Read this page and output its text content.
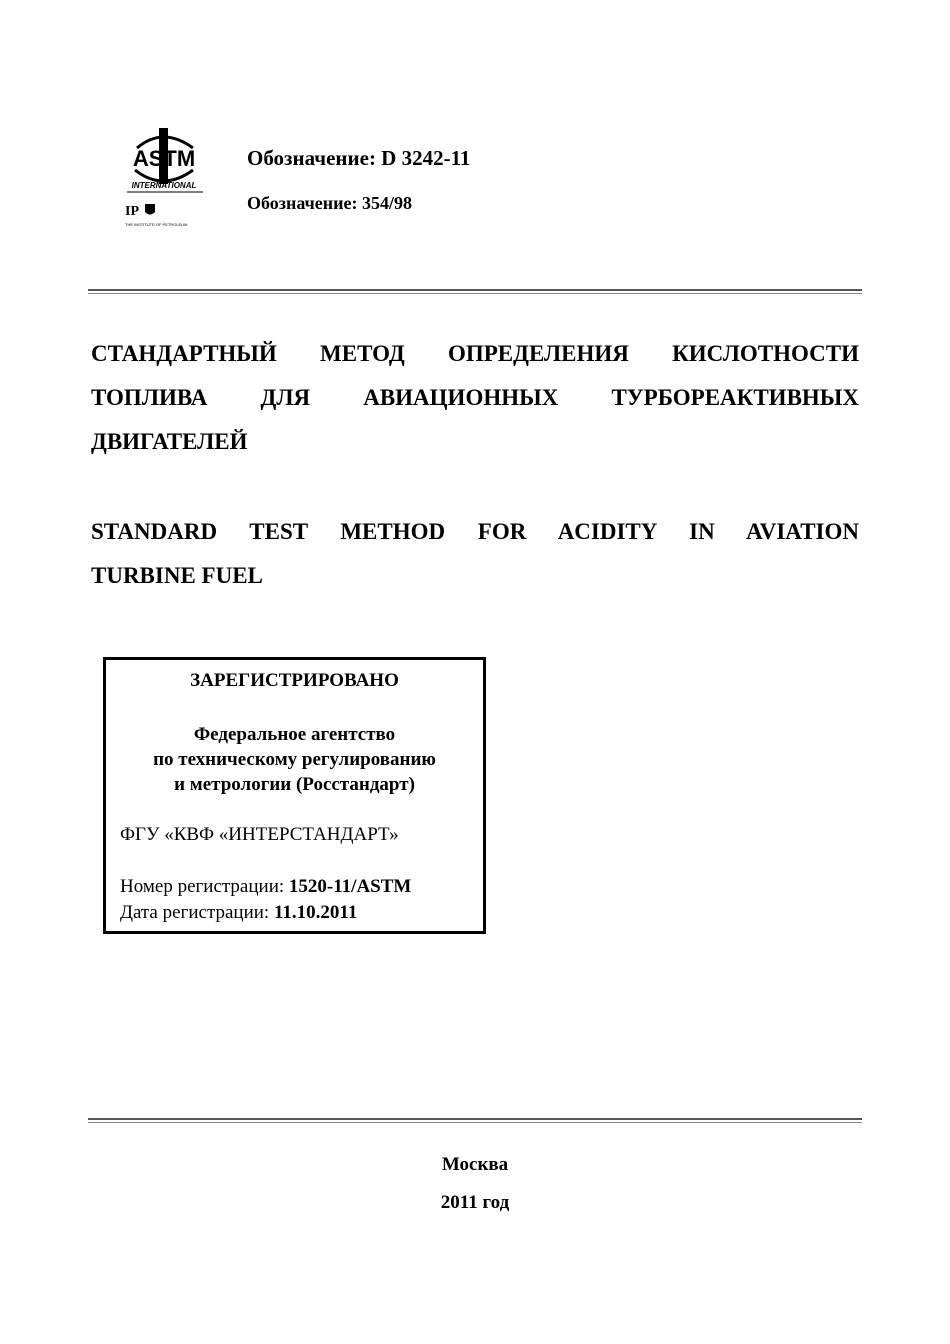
ASTM
INTERNATIONAL
IP
THE INSTITUTE OF PETROLEUM
Обозначение: D 3242-11
Обозначение: 354/98
СТАНДАРТНЫЙ МЕТОД ОПРЕДЕЛЕНИЯ КИСЛОТНОСТИ
ТОПЛИВА ДЛЯ АВИАЦИОННЫХ ТУРБОРЕАКТИВНЫХ
ДВИГАТЕЛЕЙ
STANDARD TEST METHOD FOR ACIDITY IN AVIATION
TURBINE FUEL
ЗАРЕГИСТРИРОВАНО
Федеральное агентство
по техническому регулированию
и метрологии (Росстандарт)
ФГУ «КВФ «ИНТЕРСТАНДАРТ»
Номер регистрации: 1520-11/ASTM
Дата регистрации: 11.10.2011
Москва
2011 год
